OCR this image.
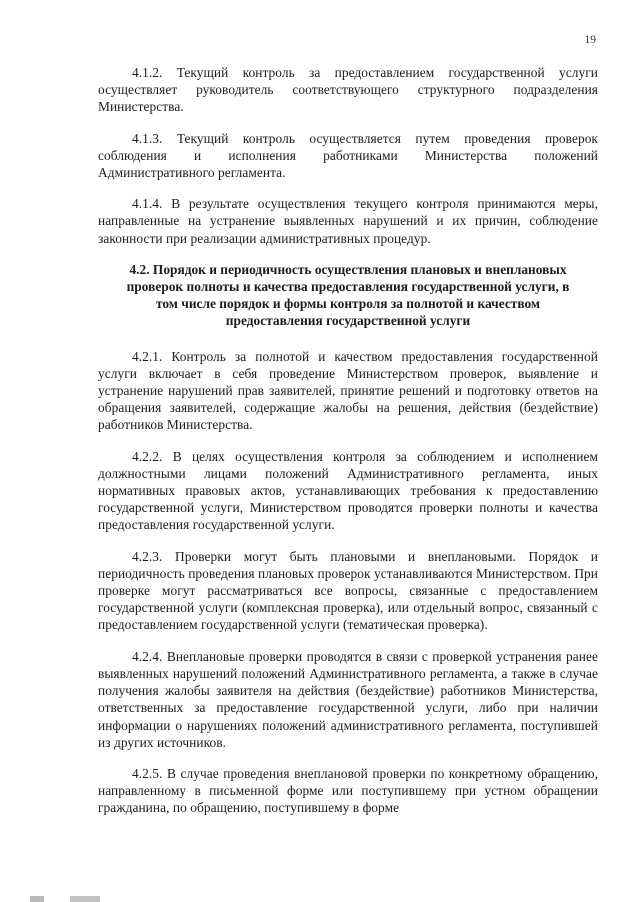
19

4.1.2. Текущий контроль за предоставлением государственной услуги осуществляет руководитель соответствующего структурного подразделения Министерства.

4.1.3. Текущий контроль осуществляется путем проведения проверок соблюдения и исполнения работниками Министерства положений Административного регламента.

4.1.4. В результате осуществления текущего контроля принимаются меры, направленные на устранение выявленных нарушений и их причин, соблюдение законности при реализации административных процедур.

4.2. Порядок и периодичность осуществления плановых и внеплановых проверок полноты и качества предоставления государственной услуги, в том числе порядок и формы контроля за полнотой и качеством предоставления государственной услуги

4.2.1. Контроль за полнотой и качеством предоставления государственной услуги включает в себя проведение Министерством проверок, выявление и устранение нарушений прав заявителей, принятие решений и подготовку ответов на обращения заявителей, содержащие жалобы на решения, действия (бездействие) работников Министерства.

4.2.2. В целях осуществления контроля за соблюдением и исполнением должностными лицами положений Административного регламента, иных нормативных правовых актов, устанавливающих требования к предоставлению государственной услуги, Министерством проводятся проверки полноты и качества предоставления государственной услуги.

4.2.3. Проверки могут быть плановыми и внеплановыми. Порядок и периодичность проведения плановых проверок устанавливаются Министерством. При проверке могут рассматриваться все вопросы, связанные с предоставлением государственной услуги (комплексная проверка), или отдельный вопрос, связанный с предоставлением государственной услуги (тематическая проверка).

4.2.4. Внеплановые проверки проводятся в связи с проверкой устранения ранее выявленных нарушений положений Административного регламента, а также в случае получения жалобы заявителя на действия (бездействие) работников Министерства, ответственных за предоставление государственной услуги, либо при наличии информации о нарушениях положений административного регламента, поступившей из других источников.

4.2.5. В случае проведения внеплановой проверки по конкретному обращению, направленному в письменной форме или поступившему при устном обращении гражданина, по обращению, поступившему в форме
